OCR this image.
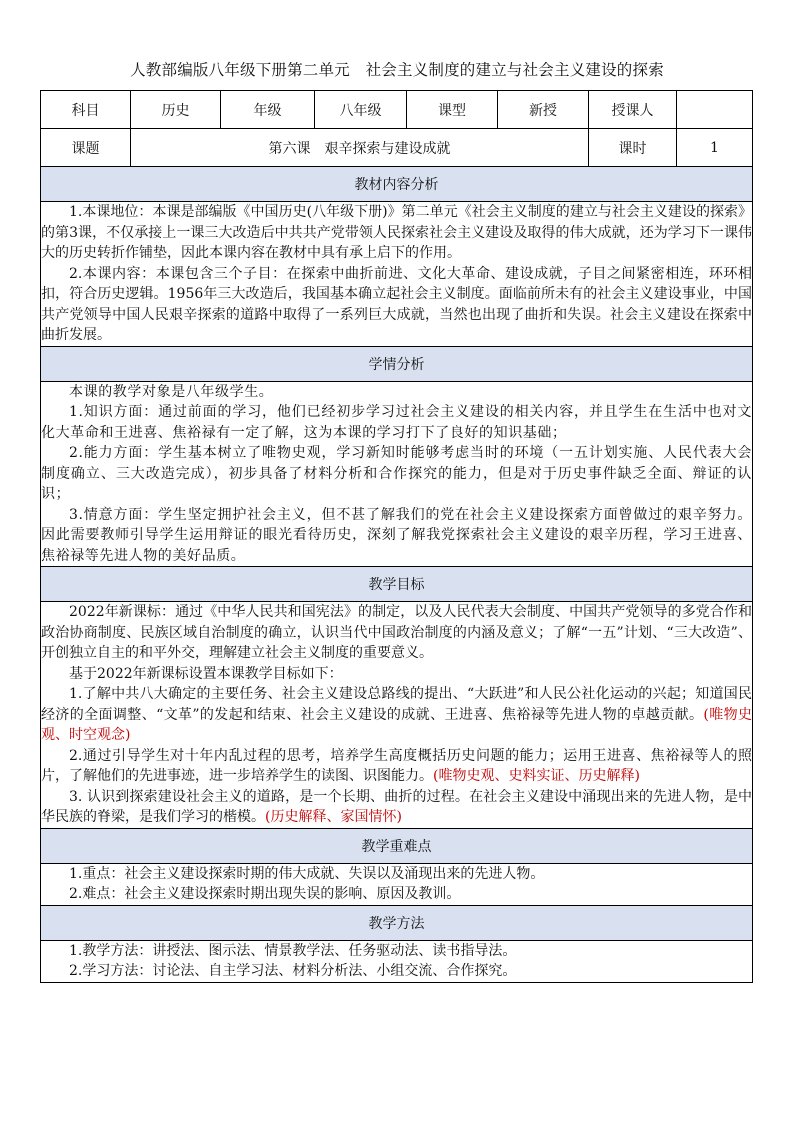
人教部编版八年级下册第二单元　社会主义制度的建立与社会主义建设的探索
科目	历史	年级	八年级	课型	新授	授课人	
课题	第六课　艰辛探索与建设成就					课时	1
教材内容分析							

1.本课地位：本课是部编版《中国历史(八年级下册)》第二单元《社会主义制度的建立与社会主义建设的探索》的第3课，不仅承接上一课三大改造后中共共产党带领人民探索社会主义建设及取得的伟大成就，还为学习下一课伟大的历史转折作铺垫，因此本课内容在教材中具有承上启下的作用。

2.本课内容：本课包含三个子目：在探索中曲折前进、文化大革命、建设成就，子目之间紧密相连，环环相扣，符合历史逻辑。1956年三大改造后，我国基本确立起社会主义制度。面临前所未有的社会主义建设事业，中国共产党领导中国人民艰辛探索的道路中取得了一系列巨大成就，当然也出现了曲折和失误。社会主义建设在探索中曲折发展。							

学情分析							

本课的教学对象是八年级学生。

1.知识方面：通过前面的学习，他们已经初步学习过社会主义建设的相关内容，并且学生在生活中也对文化大革命和王进喜、焦裕禄有一定了解，这为本课的学习打下了良好的知识基础；

2.能力方面：学生基本树立了唯物史观，学习新知时能够考虑当时的环境（一五计划实施、人民代表大会制度确立、三大改造完成），初步具备了材料分析和合作探究的能力，但是对于历史事件缺乏全面、辩证的认识；

3.情意方面：学生坚定拥护社会主义，但不甚了解我们的党在社会主义建设探索方面曾做过的艰辛努力。因此需要教师引导学生运用辩证的眼光看待历史，深刻了解我党探索社会主义建设的艰辛历程，学习王进喜、焦裕禄等先进人物的美好品质。							

教学目标							

2022年新课标：通过《中华人民共和国宪法》的制定，以及人民代表大会制度、中国共产党领导的多党合作和政治协商制度、民族区域自治制度的确立，认识当代中国政治制度的内涵及意义；了解“一五”计划、“三大改造”、开创独立自主的和平外交，理解建立社会主义制度的重要意义。

基于2022年新课标设置本课教学目标如下：

1.了解中共八大确定的主要任务、社会主义建设总路线的提出、“大跃进”和人民公社化运动的兴起；知道国民经济的全面调整、“文革”的发起和结束、社会主义建设的成就、王进喜、焦裕禄等先进人物的卓越贡献。(唯物史观、时空观念)

2.通过引导学生对十年内乱过程的思考，培养学生高度概括历史问题的能力；运用王进喜、焦裕禄等人的照片，了解他们的先进事迹，进一步培养学生的读图、识图能力。(唯物史观、史料实证、历史解释)

3. 认识到探索建设社会主义的道路，是一个长期、曲折的过程。在社会主义建设中涌现出来的先进人物，是中华民族的脊梁，是我们学习的楷模。(历史解释、家国情怀)							

教学重难点							

1.重点：社会主义建设探索时期的伟大成就、失误以及涌现出来的先进人物。

2.难点：社会主义建设探索时期出现失误的影响、原因及教训。							

教学方法							

1.教学方法：讲授法、图示法、情景教学法、任务驱动法、读书指导法。

2.学习方法：讨论法、自主学习法、材料分析法、小组交流、合作探究。							
